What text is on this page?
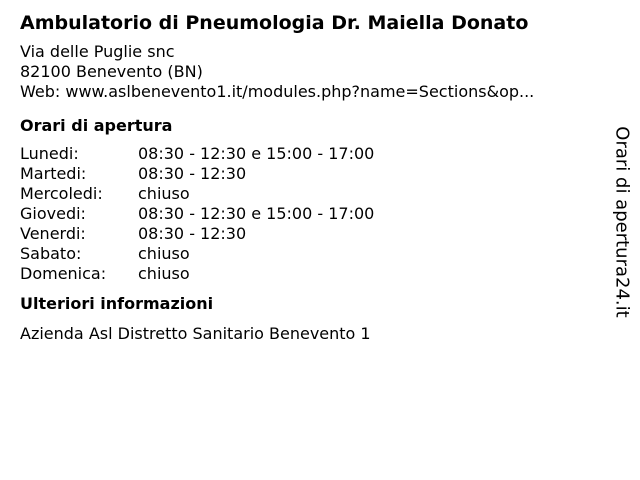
Ambulatorio di Pneumologia Dr. Maiella Donato
Via delle Puglie snc
82100 Benevento (BN)
Web: www.aslbenevento1.it/modules.php?name=Sections&op...
Orari di apertura
Lunedi:	08:30 - 12:30 e 15:00 - 17:00
Martedi:	08:30 - 12:30
Mercoledi:	chiuso
Giovedi:	08:30 - 12:30 e 15:00 - 17:00
Venerdi:	08:30 - 12:30
Sabato:	chiuso
Domenica:	chiuso
Ulteriori informazioni
Azienda Asl Distretto Sanitario Benevento 1
Orari di apertura24.it
